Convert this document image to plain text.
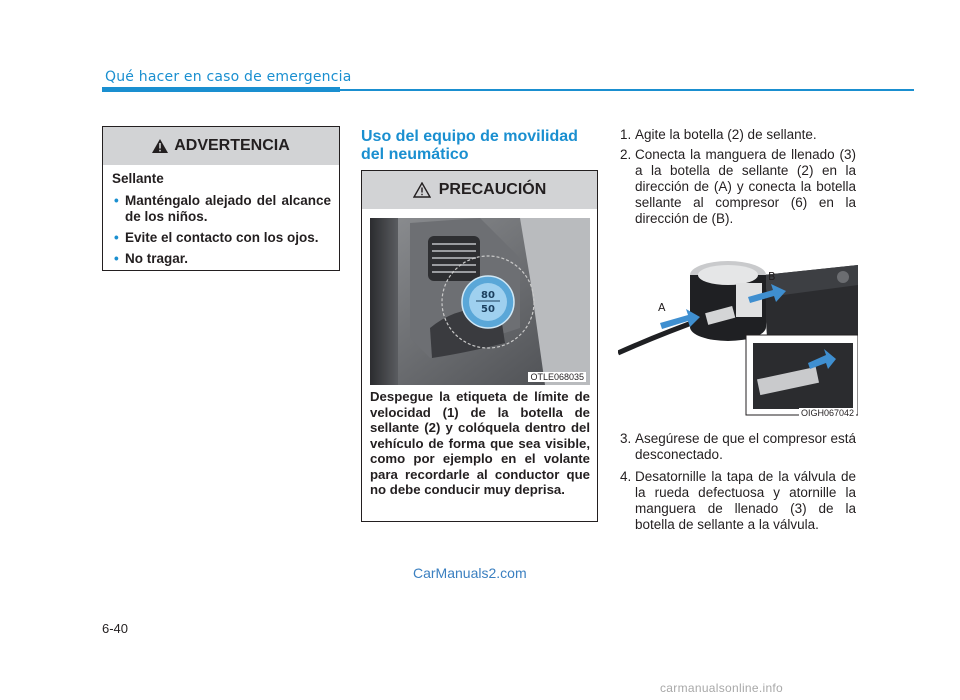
Qué hacer en caso de emergencia
ADVERTENCIA
Sellante
• Manténgalo alejado del alcance de los niños.
• Evite el contacto con los ojos.
• No tragar.
Uso del equipo de movilidad del neumático
PRECAUCIÓN
80
50
OTLE068035
Despegue la etiqueta de límite de velocidad (1) de la botella de sellante (2) y colóquela dentro del vehículo de forma que sea visible, como por ejemplo en el volante para recordarle al conductor que no debe conducir muy deprisa.
1. Agite la botella (2) de sellante.
2. Conecta la manguera de llenado (3) a la botella de sellante (2) en la dirección de (A) y conecta la botella sellante al compresor (6) en la dirección de (B).
A
B
OIGH067042
3. Asegúrese de que el compresor está desconectado.
4. Desatornille la tapa de la válvula de la rueda defectuosa y atornille la manguera de llenado (3) de la botella de sellante a la válvula.
CarManuals2.com
6-40
carmanualsonline.info
